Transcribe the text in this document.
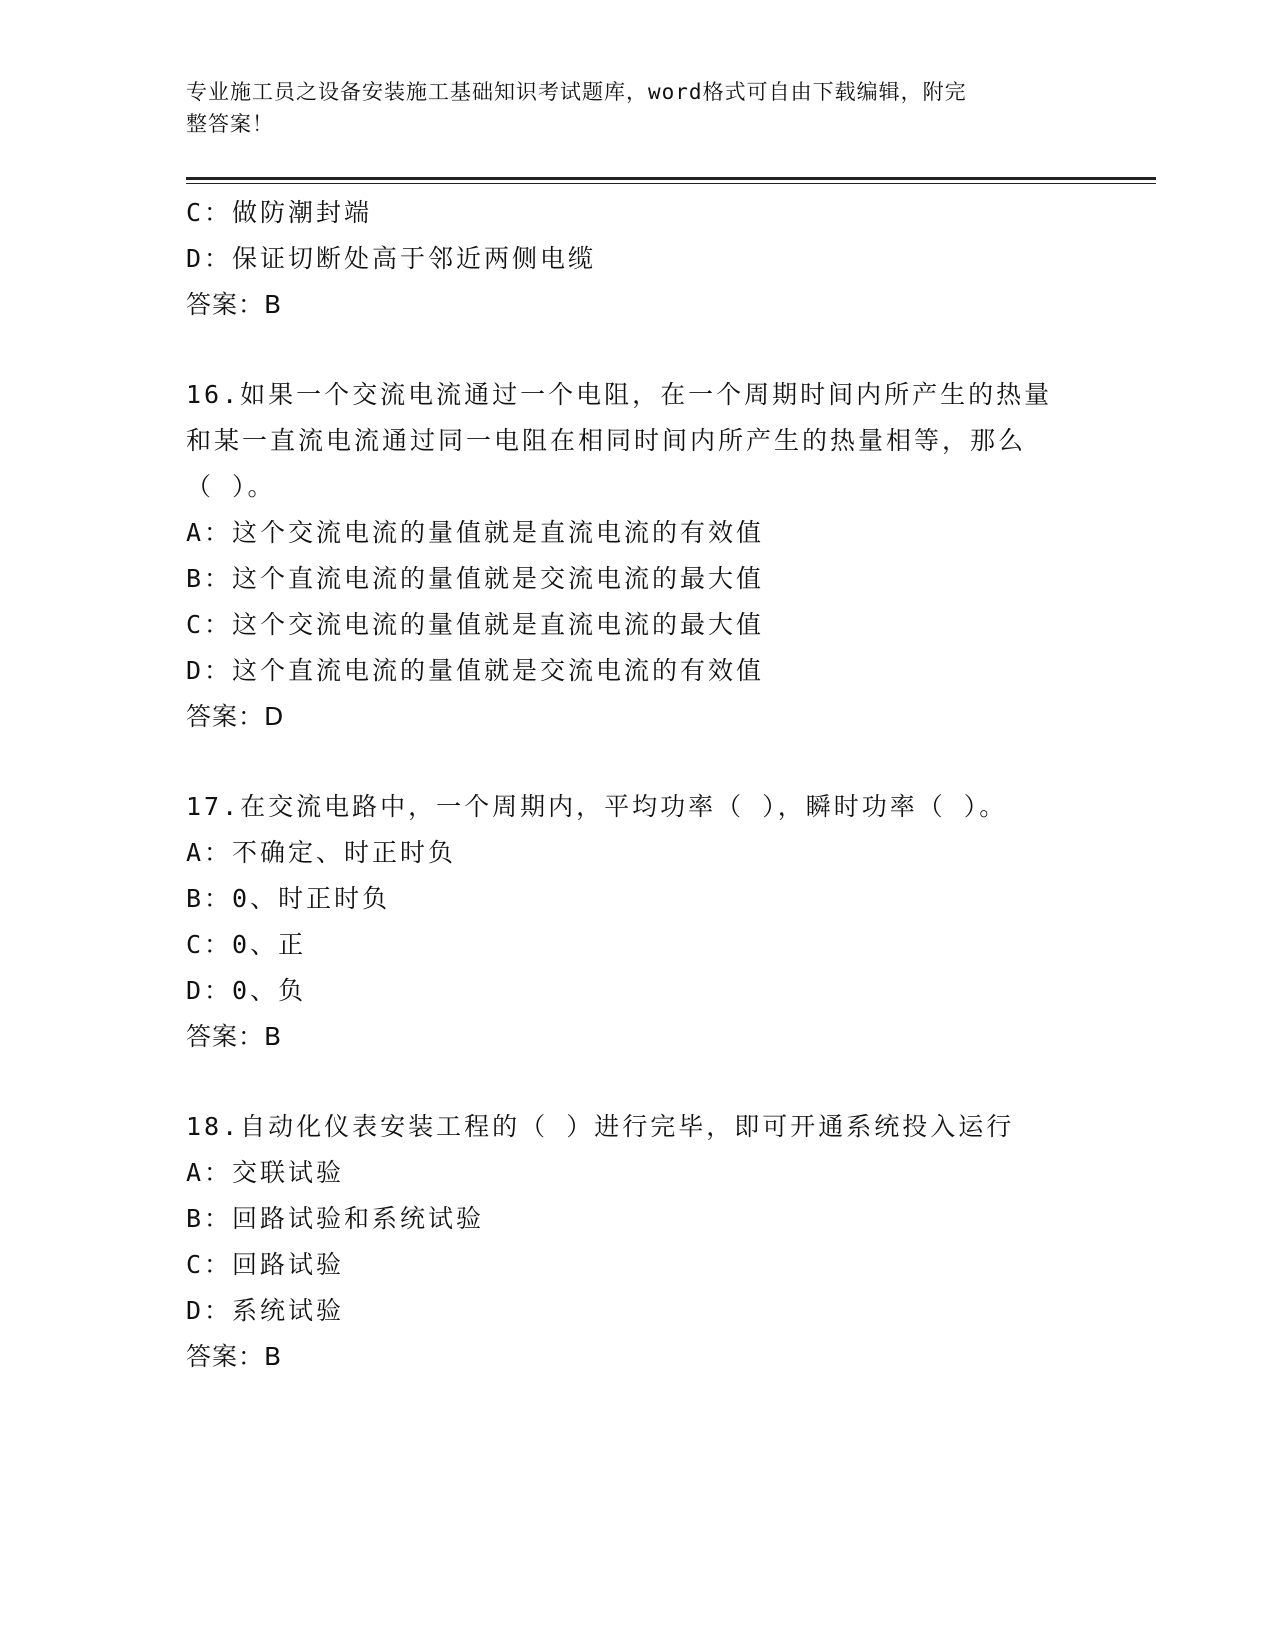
专业施工员之设备安装施工基础知识考试题库，word格式可自由下载编辑，附完
整答案！
C：做防潮封端
D：保证切断处高于邻近两侧电缆
答案：B
16.如果一个交流电流通过一个电阻，在一个周期时间内所产生的热量
和某一直流电流通过同一电阻在相同时间内所产生的热量相等，那么
（ ）。
A：这个交流电流的量值就是直流电流的有效值
B：这个直流电流的量值就是交流电流的最大值
C：这个交流电流的量值就是直流电流的最大值
D：这个直流电流的量值就是交流电流的有效值
答案：D
17.在交流电路中，一个周期内，平均功率（ ），瞬时功率（ ）。
A：不确定、时正时负
B：0、时正时负
C：0、正
D：0、负
答案：B
18.自动化仪表安装工程的（ ）进行完毕，即可开通系统投入运行
A：交联试验
B：回路试验和系统试验
C：回路试验
D：系统试验
答案：B
